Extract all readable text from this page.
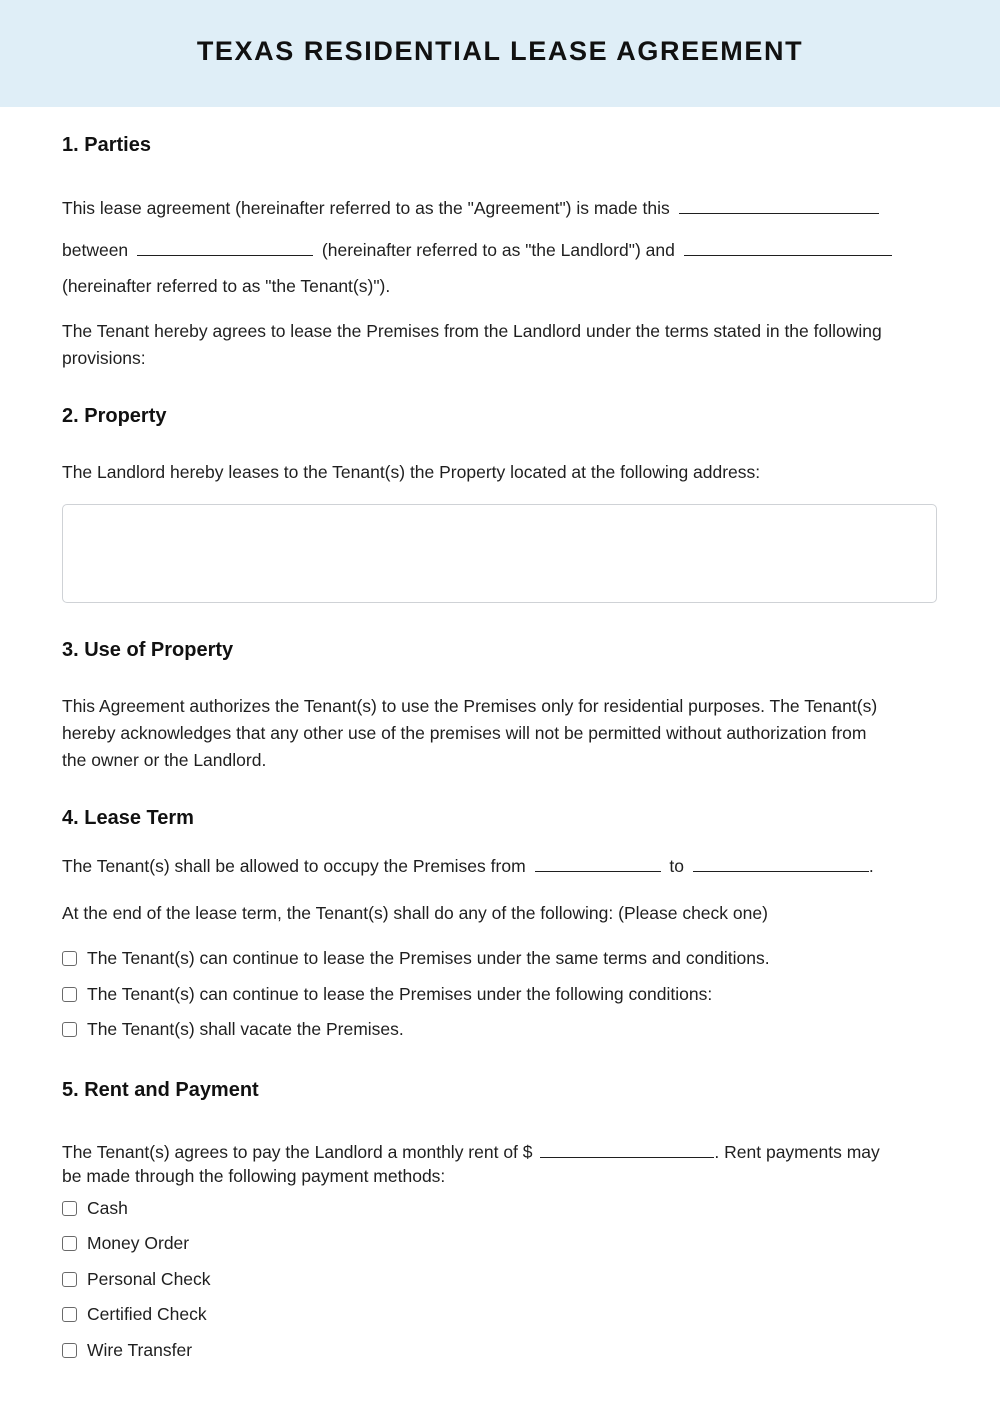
TEXAS RESIDENTIAL LEASE AGREEMENT
1. Parties
This lease agreement (hereinafter referred to as the "Agreement") is made this
between	(hereinafter referred to as "the Landlord") and
(hereinafter referred to as "the Tenant(s)").
The Tenant hereby agrees to lease the Premises from the Landlord under the terms stated in the following provisions:
2. Property
The Landlord hereby leases to the Tenant(s) the Property located at the following address:
3. Use of Property
This Agreement authorizes the Tenant(s) to use the Premises only for residential purposes. The Tenant(s) hereby acknowledges that any other use of the premises will not be permitted without authorization from the owner or the Landlord.
4. Lease Term
The Tenant(s) shall be allowed to occupy the Premises from	to	.
At the end of the lease term, the Tenant(s) shall do any of the following: (Please check one)
The Tenant(s) can continue to lease the Premises under the same terms and conditions.
The Tenant(s) can continue to lease the Premises under the following conditions:
The Tenant(s) shall vacate the Premises.
5. Rent and Payment
The Tenant(s) agrees to pay the Landlord a monthly rent of $	. Rent payments may
be made through the following payment methods:
Cash
Money Order
Personal Check
Certified Check
Wire Transfer
